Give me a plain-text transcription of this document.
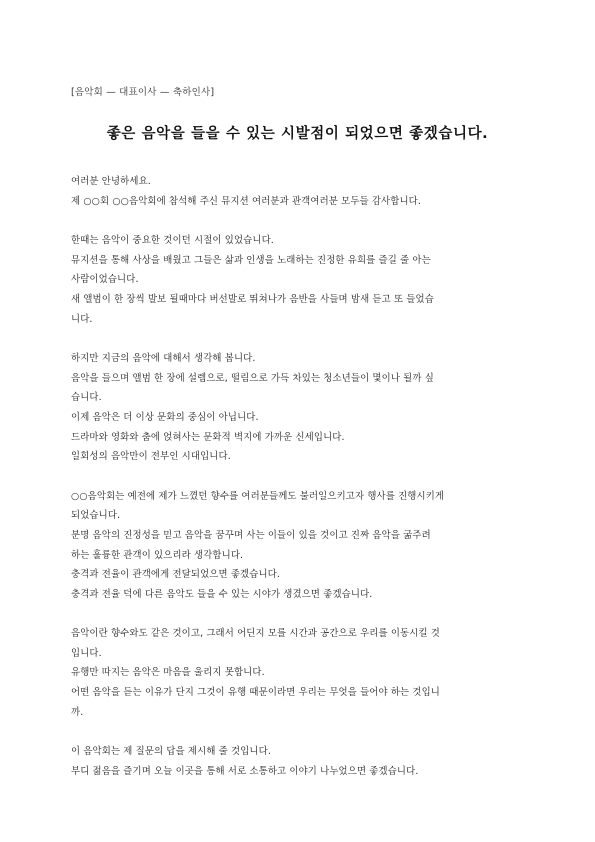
[음악회 — 대표이사 — 축하인사]
좋은 음악을 들을 수 있는 시발점이 되었으면 좋겠습니다.
여러분 안녕하세요.
제 ○○회 ○○음악회에 참석해 주신 뮤지션 여러분과 관객여러분 모두들 감사합니다.
한때는 음악이 중요한 것이던 시절이 있었습니다.
뮤지션을 통해 사상을 배웠고 그들은 삶과 인생을 노래하는 진정한 유희를 즐길 줄 아는
사람이었습니다.
새 앨범이 한 장씩 발보 될때마다 버선발로 뛰쳐나가 음반을 사들며 밤새 듣고 또 들었습
니다.
하지만 지금의 음악에 대해서 생각해 봅니다.
음악을 들으며 앨범 한 장에 설렘으로, 떨림으로 가득 차있는 청소년들이 몇이나 될까 싶
습니다.
이제 음악은 더 이상 문화의 중심이 아닙니다.
드라마와 영화와 춤에 얹혀사는 문화적 벽지에 가까운 신세입니다.
일회성의 음악만이 전부인 시대입니다.
○○음악회는 예전에 제가 느꼈던 향수를 여러분들께도 불러일으키고자 행사를 진행시키게
되었습니다.
분명 음악의 진정성을 믿고 음악을 꿈꾸며 사는 이들이 있을 것이고 진짜 음악을 굶주려
하는 훌륭한 관객이 있으리라 생각합니다.
충격과 전율이 관객에게 전달되었으면 좋겠습니다.
충격과 전율 덕에 다른 음악도 들을 수 있는 시야가 생겼으면 좋겠습니다.
음악이란 향수와도 같은 것이고, 그래서 어딘지 모를 시간과 공간으로 우리를 이동시킬 것
입니다.
유행만 따지는 음악은 마음을 울리지 못합니다.
어떤 음악을 듣는 이유가 단지 그것이 유행 때문이라면 우리는 무엇을 들어야 하는 것입니
까.
이 음악회는 제 질문의 답을 제시해 줄 것입니다.
부디 젊음을 즐기며 오늘 이곳을 통해 서로 소통하고 이야기 나누었으면 좋겠습니다.
